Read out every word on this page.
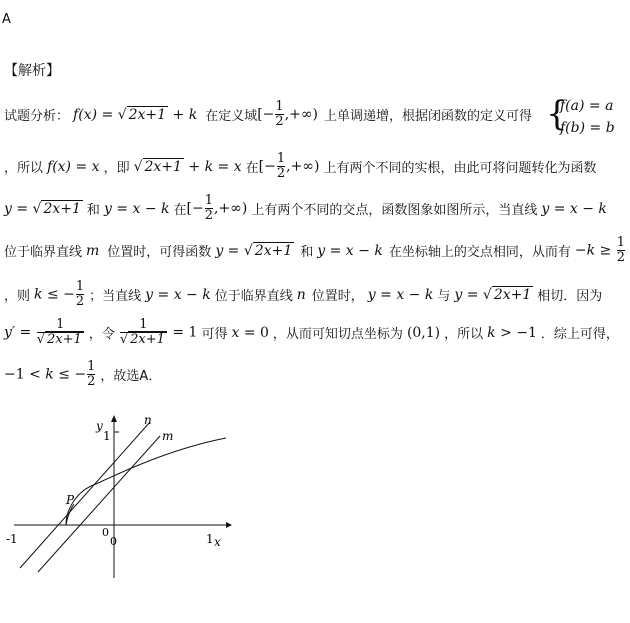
A
【解析】
试题分析： f(x) = √ 2x+1 + k 在定义域 [− $\frac{1}{2}$ ,+∞) 上单调递增，根据闭函数的定义可得 {
f(a) = a
f(b) = b
，所以 f(x) = x ，即 √ 2x+1 + k = x 在 [− $\frac{1}{2}$ ,+∞) 上有两个不同的实根，由此可将问题转化为函数
y = √ 2x+1 和 y = x − k 在 [− $\frac{1}{2}$ ,+∞) 上有两个不同的交点，函数图象如图所示，当直线 y = x − k
位于临界直线 m 位置时，可得函数 y = √ 2x+1 和 y = x − k 在坐标轴上的交点相同，从而有 $-k \ge \frac{1}{2}$
，则 k ≤ − $\frac{1}{2}$ ；当直线 y = x − k 位于临界直线 n 位置时， y = x − k 与 y = √ 2x+1 相切．因为
$y' = \frac{1}{√ 2x+1}$ ，令 $\frac{1}{√ 2x+1} = 1$ 可得 x = 0 ，从而可知切点坐标为 (0,1) ，所以 k > −1 ．综上可得，
−1 < k ≤ − $\frac{1}{2}$ ，故选A．
y
x
n
m
P
1
-1	1
0
0
